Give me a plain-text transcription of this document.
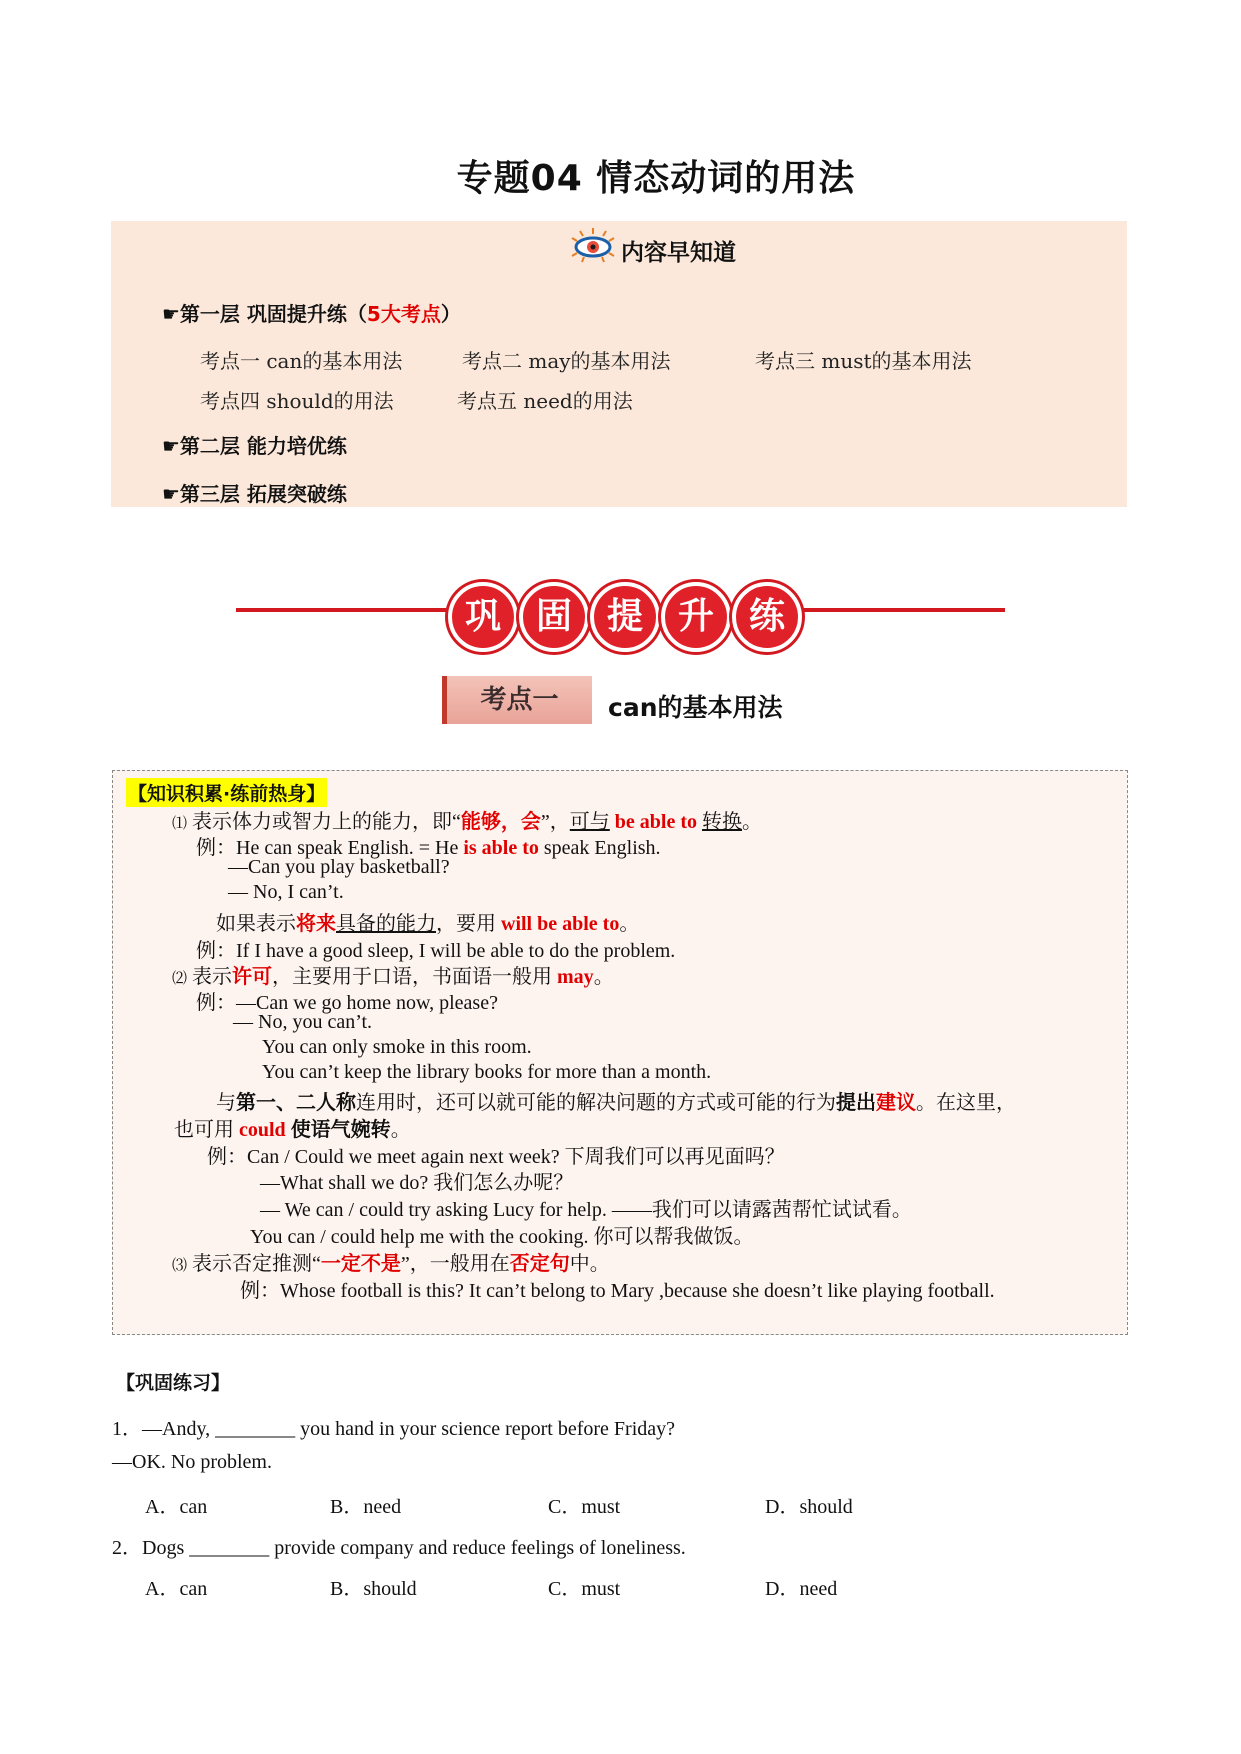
专题04 情态动词的用法
内容早知道
☛第一层 巩固提升练（5大考点）
考点一 can的基本用法	考点二 may的基本用法	考点三 must的基本用法
考点四 should的用法	考点五 need的用法
☛第二层 能力培优练
☛第三层 拓展突破练
巩 固 提 升 练
考点一	can的基本用法
【知识积累·练前热身】
⑴ 表示体力或智力上的能力，即“能够，会”，可与 be able to 转换。
例：He can speak English. = He is able to speak English.
—Can you play basketball?
— No, I can’t.
如果表示将来具备的能力，要用 will be able to。
例：If I have a good sleep, I will be able to do the problem.
⑵ 表示许可，主要用于口语，书面语一般用 may。
例：—Can we go home now, please?
— No, you can’t.
You can only smoke in this room.
You can’t keep the library books for more than a month.
与第一、二人称连用时，还可以就可能的解决问题的方式或可能的行为提出建议。在这里，
也可用 could 使语气婉转。
例：Can / Could we meet again next week? 下周我们可以再见面吗？
—What shall we do? 我们怎么办呢？
— We can / could try asking Lucy for help. ——我们可以请露茜帮忙试试看。
You can / could help me with the cooking. 你可以帮我做饭。
⑶ 表示否定推测“一定不是”，一般用在否定句中。
例：Whose football is this? It can’t belong to Mary ,because she doesn’t like playing football.
【巩固练习】
1．—Andy, ________ you hand in your science report before Friday?
—OK. No problem.
A．can	B．need	C．must	D．should
2．Dogs ________ provide company and reduce feelings of loneliness.
A．can	B．should	C．must	D．need
